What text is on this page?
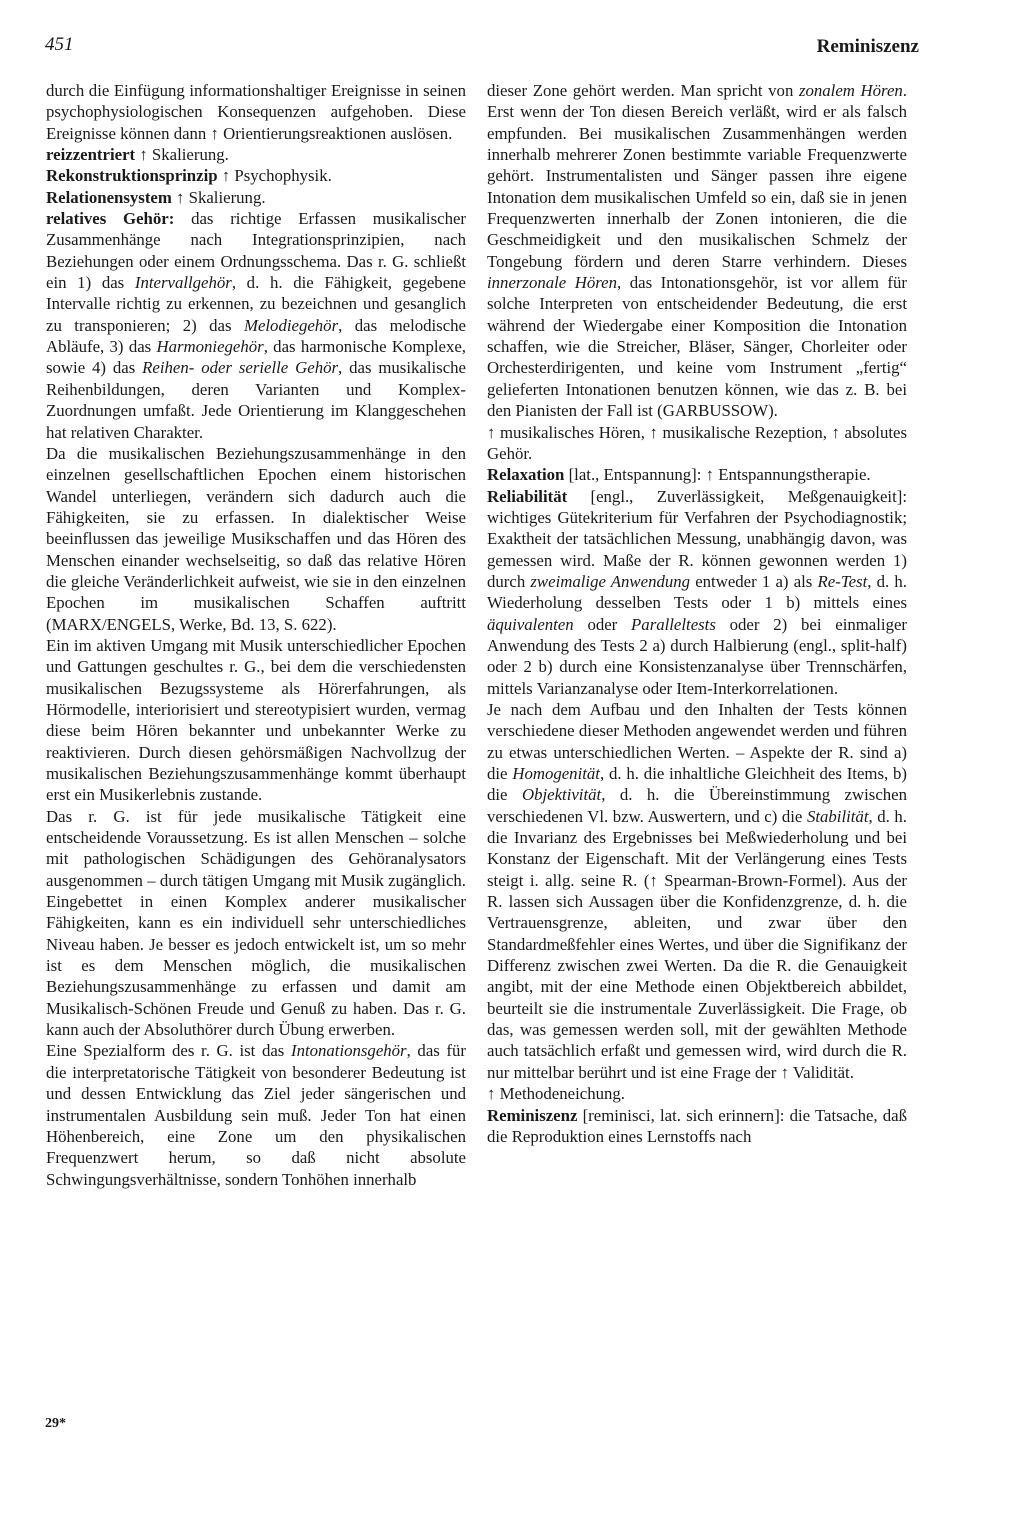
451	Reminiszenz

durch die Einfügung informationshaltiger Ereignisse in seinen psychophysiologischen Konsequenzen aufgehoben. Diese Ereignisse können dann ↑ Orientierungsreaktionen auslösen.

reizzentriert ↑ Skalierung.

Rekonstruktionsprinzip ↑ Psychophysik.

Relationensystem ↑ Skalierung.

relatives Gehör: das richtige Erfassen musikalischer Zusammenhänge nach Integrationsprinzipien, nach Beziehungen oder einem Ordnungsschema. Das r. G. schließt ein 1) das Intervallgehör, d. h. die Fähigkeit, gegebene Intervalle richtig zu erkennen, zu bezeichnen und gesanglich zu transponieren; 2) das Melodiegehör, das melodische Abläufe, 3) das Harmoniegehör, das harmonische Komplexe, sowie 4) das Reihen- oder serielle Gehör, das musikalische Reihenbildungen, deren Varianten und Komplex-Zuordnungen umfaßt. Jede Orientierung im Klanggeschehen hat relativen Charakter.

Da die musikalischen Beziehungszusammenhänge in den einzelnen gesellschaftlichen Epochen einem historischen Wandel unterliegen, verändern sich dadurch auch die Fähigkeiten, sie zu erfassen. In dialektischer Weise beeinflussen das jeweilige Musikschaffen und das Hören des Menschen einander wechselseitig, so daß das relative Hören die gleiche Veränderlichkeit aufweist, wie sie in den einzelnen Epochen im musikalischen Schaffen auftritt (MARX/ENGELS, Werke, Bd. 13, S. 622).

Ein im aktiven Umgang mit Musik unterschiedlicher Epochen und Gattungen geschultes r. G., bei dem die verschiedensten musikalischen Bezugssysteme als Hörerfahrungen, als Hörmodelle, interiorisiert und stereotypisiert wurden, vermag diese beim Hören bekannter und unbekannter Werke zu reaktivieren. Durch diesen gehörsmäßigen Nachvollzug der musikalischen Beziehungszusammenhänge kommt überhaupt erst ein Musikerlebnis zustande.

Das r. G. ist für jede musikalische Tätigkeit eine entscheidende Voraussetzung. Es ist allen Menschen – solche mit pathologischen Schädigungen des Gehöranalysators ausgenommen – durch tätigen Umgang mit Musik zugänglich. Eingebettet in einen Komplex anderer musikalischer Fähigkeiten, kann es ein individuell sehr unterschiedliches Niveau haben. Je besser es jedoch entwickelt ist, um so mehr ist es dem Menschen möglich, die musikalischen Beziehungszusammenhänge zu erfassen und damit am Musikalisch-Schönen Freude und Genuß zu haben. Das r. G. kann auch der Absoluthörer durch Übung erwerben.

Eine Spezialform des r. G. ist das Intonationsgehör, das für die interpretatorische Tätigkeit von besonderer Bedeutung ist und dessen Entwicklung das Ziel jeder sängerischen und instrumentalen Ausbildung sein muß. Jeder Ton hat einen Höhenbereich, eine Zone um den physikalischen Frequenzwert herum, so daß nicht absolute Schwingungsverhältnisse, sondern Tonhöhen innerhalb

dieser Zone gehört werden. Man spricht von zonalem Hören. Erst wenn der Ton diesen Bereich verläßt, wird er als falsch empfunden. Bei musikalischen Zusammenhängen werden innerhalb mehrerer Zonen bestimmte variable Frequenzwerte gehört. Instrumentalisten und Sänger passen ihre eigene Intonation dem musikalischen Umfeld so ein, daß sie in jenen Frequenzwerten innerhalb der Zonen intonieren, die die Geschmeidigkeit und den musikalischen Schmelz der Tongebung fördern und deren Starre verhindern. Dieses innerzonale Hören, das Intonationsgehör, ist vor allem für solche Interpreten von entscheidender Bedeutung, die erst während der Wiedergabe einer Komposition die Intonation schaffen, wie die Streicher, Bläser, Sänger, Chorleiter oder Orchesterdirigenten, und keine vom Instrument „fertig“ gelieferten Intonationen benutzen können, wie das z. B. bei den Pianisten der Fall ist (GARBUSSOW).

↑ musikalisches Hören, ↑ musikalische Rezeption, ↑ absolutes Gehör.

Relaxation [lat., Entspannung]: ↑ Entspannungstherapie.

Reliabilität [engl., Zuverlässigkeit, Meßgenauigkeit]: wichtiges Gütekriterium für Verfahren der Psychodiagnostik; Exaktheit der tatsächlichen Messung, unabhängig davon, was gemessen wird. Maße der R. können gewonnen werden 1) durch zweimalige Anwendung entweder 1 a) als Re-Test, d. h. Wiederholung desselben Tests oder 1 b) mittels eines äquivalenten oder Paralleltests oder 2) bei einmaliger Anwendung des Tests 2 a) durch Halbierung (engl., split-half) oder 2 b) durch eine Konsistenzanalyse über Trennschärfen, mittels Varianzanalyse oder Item-Interkorrelationen.

Je nach dem Aufbau und den Inhalten der Tests können verschiedene dieser Methoden angewendet werden und führen zu etwas unterschiedlichen Werten. – Aspekte der R. sind a) die Homogenität, d. h. die inhaltliche Gleichheit des Items, b) die Objektivität, d. h. die Übereinstimmung zwischen verschiedenen Vl. bzw. Auswertern, und c) die Stabilität, d. h. die Invarianz des Ergebnisses bei Meßwiederholung und bei Konstanz der Eigenschaft. Mit der Verlängerung eines Tests steigt i. allg. seine R. (↑ Spearman-Brown-Formel). Aus der R. lassen sich Aussagen über die Konfidenzgrenze, d. h. die Vertrauensgrenze, ableiten, und zwar über den Standardmeßfehler eines Wertes, und über die Signifikanz der Differenz zwischen zwei Werten. Da die R. die Genauigkeit angibt, mit der eine Methode einen Objektbereich abbildet, beurteilt sie die instrumentale Zuverlässigkeit. Die Frage, ob das, was gemessen werden soll, mit der gewählten Methode auch tatsächlich erfaßt und gemessen wird, wird durch die R. nur mittelbar berührt und ist eine Frage der ↑ Validität.

↑ Methodeneichung.

Reminiszenz [reminisci, lat. sich erinnern]: die Tatsache, daß die Reproduktion eines Lernstoffs nach

29*
